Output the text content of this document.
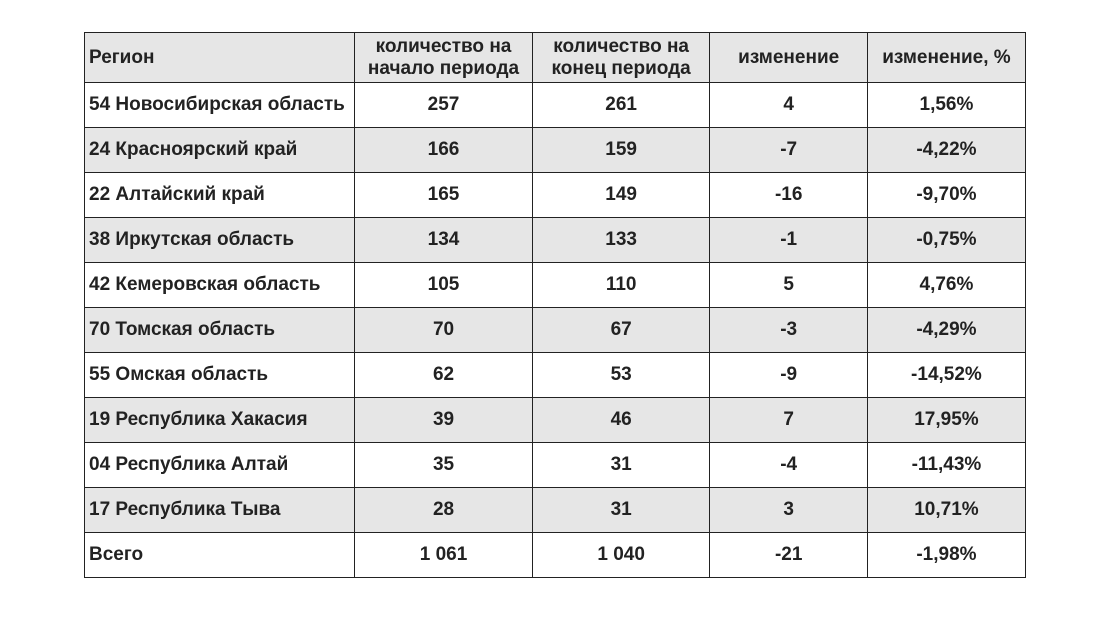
Регион	количество на начало периода	количество на конец периода	изменение	изменение, %
54 Новосибирская область	257	261	4	1,56%
24 Красноярский край	166	159	-7	-4,22%
22 Алтайский край	165	149	-16	-9,70%
38 Иркутская область	134	133	-1	-0,75%
42 Кемеровская область	105	110	5	4,76%
70 Томская область	70	67	-3	-4,29%
55 Омская область	62	53	-9	-14,52%
19 Республика Хакасия	39	46	7	17,95%
04 Республика Алтай	35	31	-4	-11,43%
17 Республика Тыва	28	31	3	10,71%
Всего	1 061	1 040	-21	-1,98%
